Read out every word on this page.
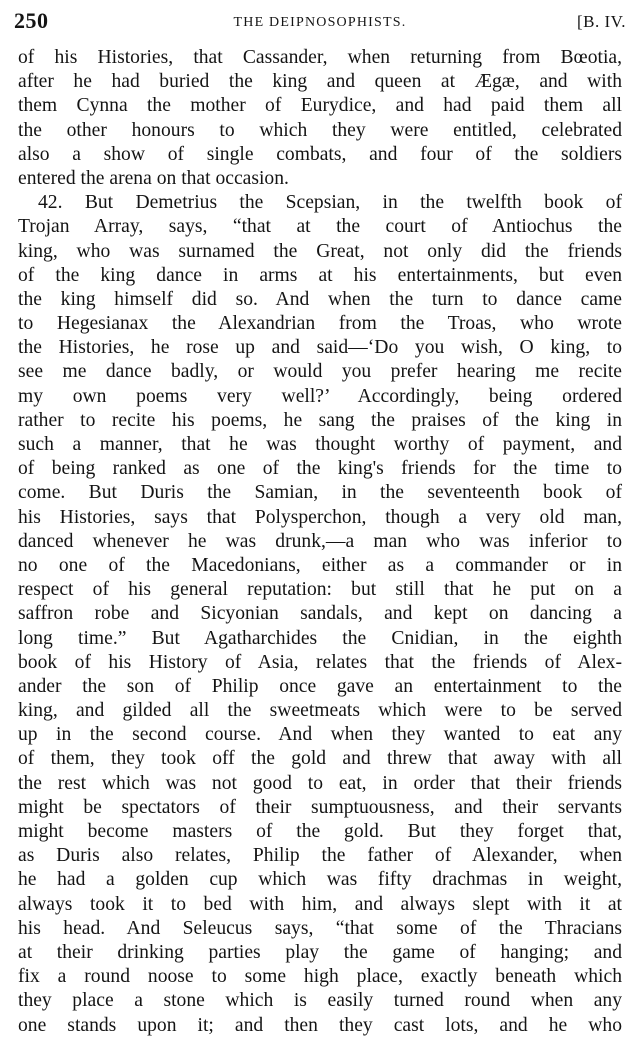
250	THE DEIPNOSOPHISTS.	[B. IV.
of his Histories, that Cassander, when returning from Bœotia,
after he had buried the king and queen at Ægæ, and with
them Cynna the mother of Eurydice, and had paid them all
the other honours to which they were entitled, celebrated
also a show of single combats, and four of the soldiers
entered the arena on that occasion.
42. But Demetrius the Scepsian, in the twelfth book of
Trojan Array, says, “that at the court of Antiochus the
king, who was surnamed the Great, not only did the friends
of the king dance in arms at his entertainments, but even
the king himself did so. And when the turn to dance came
to Hegesianax the Alexandrian from the Troas, who wrote
the Histories, he rose up and said—‘Do you wish, O king, to
see me dance badly, or would you prefer hearing me recite
my own poems very well?’ Accordingly, being ordered
rather to recite his poems, he sang the praises of the king in
such a manner, that he was thought worthy of payment, and
of being ranked as one of the king's friends for the time to
come. But Duris the Samian, in the seventeenth book of
his Histories, says that Polysperchon, though a very old man,
danced whenever he was drunk,—a man who was inferior to
no one of the Macedonians, either as a commander or in
respect of his general reputation: but still that he put on a
saffron robe and Sicyonian sandals, and kept on dancing a
long time.” But Agatharchides the Cnidian, in the eighth
book of his History of Asia, relates that the friends of Alex-
ander the son of Philip once gave an entertainment to the
king, and gilded all the sweetmeats which were to be served
up in the second course. And when they wanted to eat any
of them, they took off the gold and threw that away with all
the rest which was not good to eat, in order that their friends
might be spectators of their sumptuousness, and their servants
might become masters of the gold. But they forget that,
as Duris also relates, Philip the father of Alexander, when
he had a golden cup which was fifty drachmas in weight,
always took it to bed with him, and always slept with it at
his head. And Seleucus says, “that some of the Thracians
at their drinking parties play the game of hanging; and
fix a round noose to some high place, exactly beneath which
they place a stone which is easily turned round when any
one stands upon it; and then they cast lots, and he who
